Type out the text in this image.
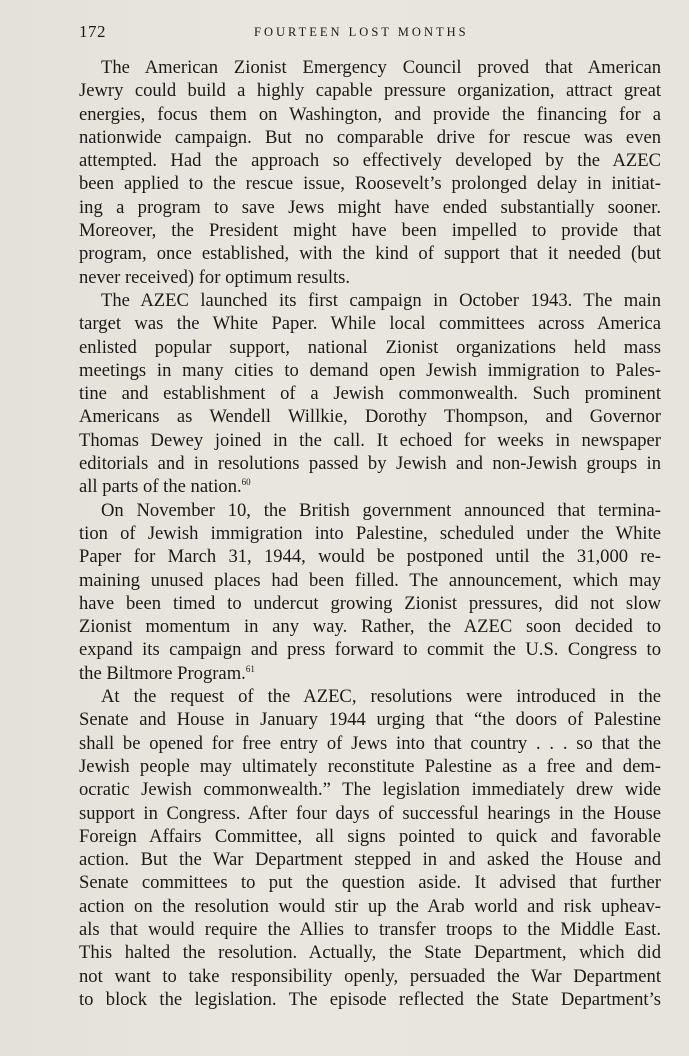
172	FOURTEEN LOST MONTHS
The American Zionist Emergency Council proved that American
Jewry could build a highly capable pressure organization, attract great
energies, focus them on Washington, and provide the financing for a
nationwide campaign. But no comparable drive for rescue was even
attempted. Had the approach so effectively developed by the AZEC
been applied to the rescue issue, Roosevelt’s prolonged delay in initiat-
ing a program to save Jews might have ended substantially sooner.
Moreover, the President might have been impelled to provide that
program, once established, with the kind of support that it needed (but
never received) for optimum results.
The AZEC launched its first campaign in October 1943. The main
target was the White Paper. While local committees across America
enlisted popular support, national Zionist organizations held mass
meetings in many cities to demand open Jewish immigration to Pales-
tine and establishment of a Jewish commonwealth. Such prominent
Americans as Wendell Willkie, Dorothy Thompson, and Governor
Thomas Dewey joined in the call. It echoed for weeks in newspaper
editorials and in resolutions passed by Jewish and non-Jewish groups in
all parts of the nation.$^{60}$
On November 10, the British government announced that termina-
tion of Jewish immigration into Palestine, scheduled under the White
Paper for March 31, 1944, would be postponed until the 31,000 re-
maining unused places had been filled. The announcement, which may
have been timed to undercut growing Zionist pressures, did not slow
Zionist momentum in any way. Rather, the AZEC soon decided to
expand its campaign and press forward to commit the U.S. Congress to
the Biltmore Program.$^{61}$
At the request of the AZEC, resolutions were introduced in the
Senate and House in January 1944 urging that “the doors of Palestine
shall be opened for free entry of Jews into that country . . . so that the
Jewish people may ultimately reconstitute Palestine as a free and dem-
ocratic Jewish commonwealth.” The legislation immediately drew wide
support in Congress. After four days of successful hearings in the House
Foreign Affairs Committee, all signs pointed to quick and favorable
action. But the War Department stepped in and asked the House and
Senate committees to put the question aside. It advised that further
action on the resolution would stir up the Arab world and risk upheav-
als that would require the Allies to transfer troops to the Middle East.
This halted the resolution. Actually, the State Department, which did
not want to take responsibility openly, persuaded the War Department
to block the legislation. The episode reflected the State Department’s
